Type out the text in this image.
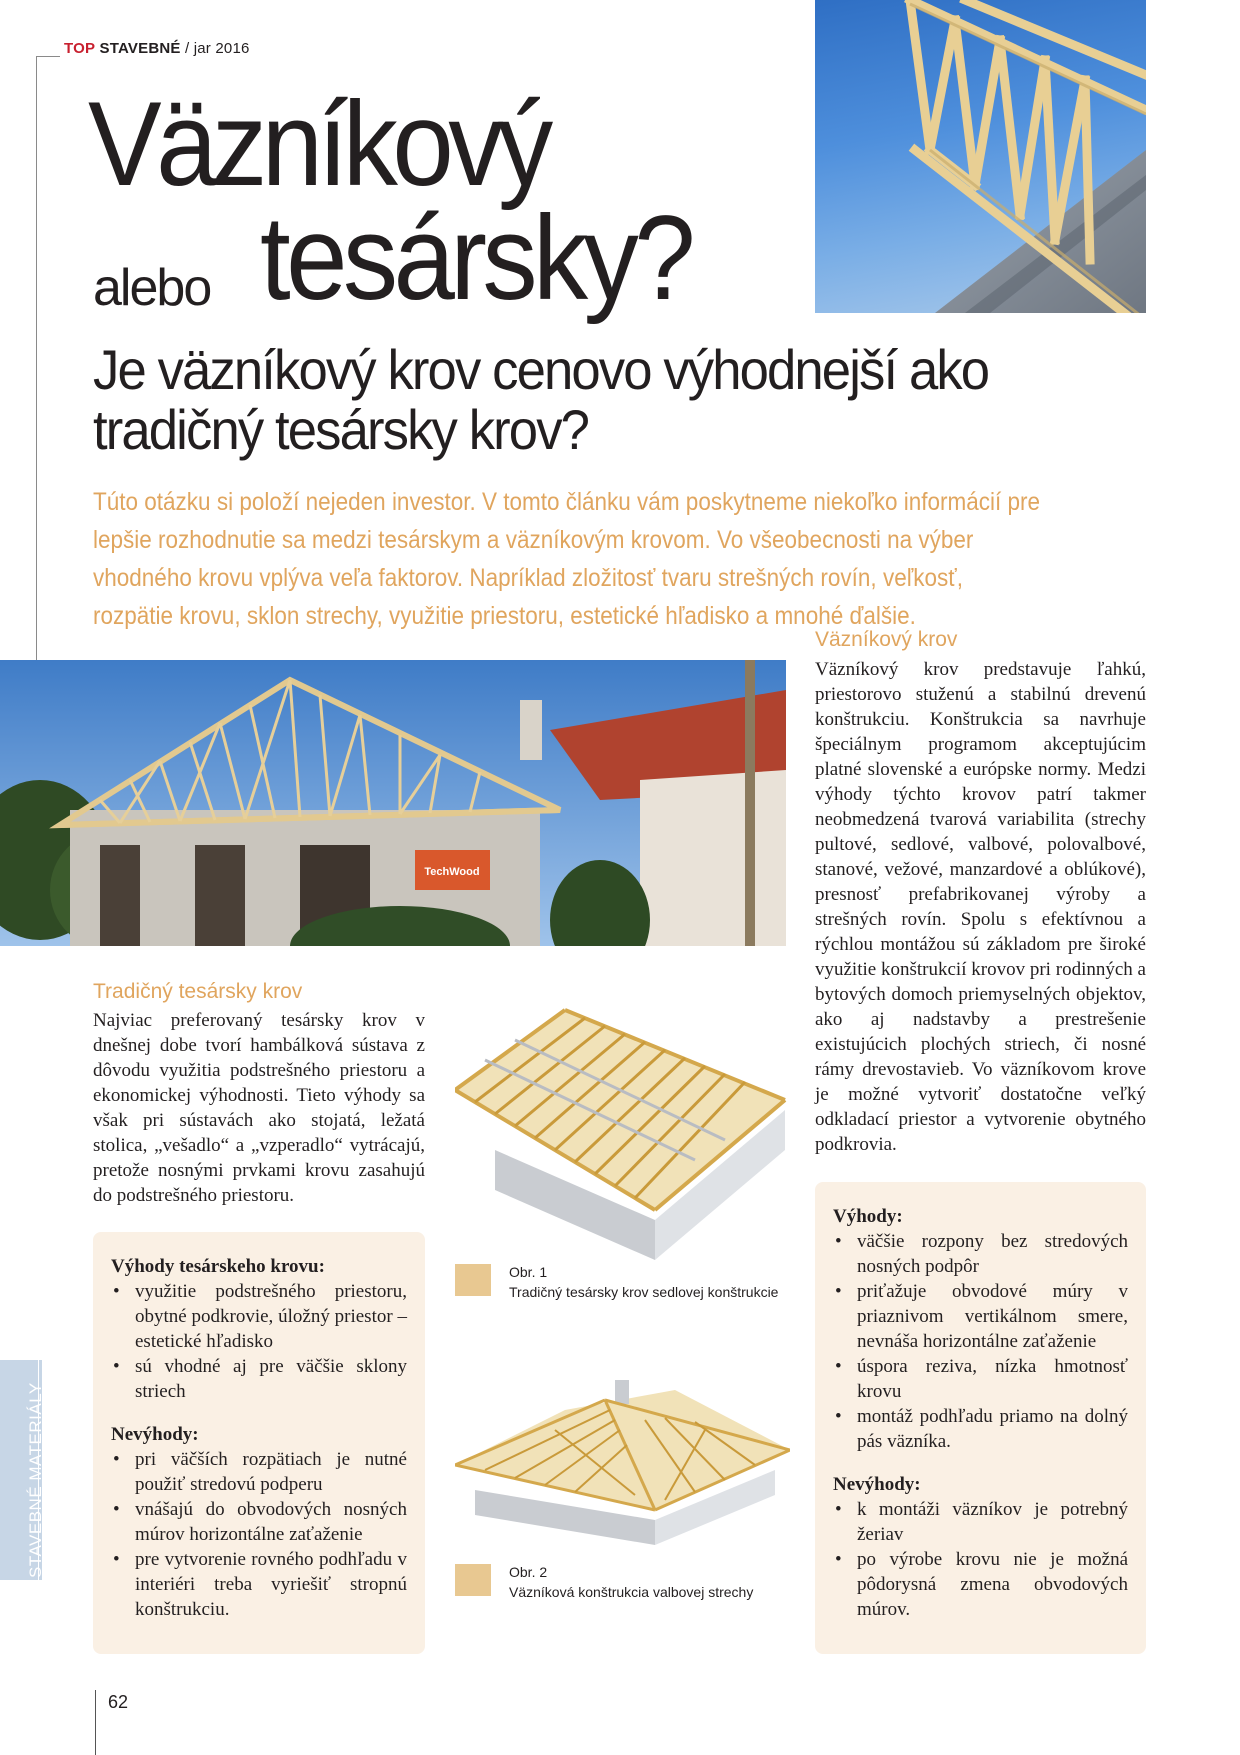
TOP STAVEBNÉ / jar 2016
Väzníkový
alebo tesársky?
Je väzníkový krov cenovo výhodnejší ako tradičný tesársky krov?
Túto otázku si položí nejeden investor. V tomto článku vám poskytneme niekoľko informácií pre lepšie rozhodnutie sa medzi tesárskym a väzníkovým krovom. Vo všeobecnosti na výber vhodného krovu vplýva veľa faktorov. Napríklad zložitosť tvaru strešných rovín, veľkosť, rozpätie krovu, sklon strechy, využitie priestoru, estetické hľadisko a mnohé ďalšie.
TechWood
Väzníkový krov
Väzníkový krov predstavuje ľahkú, priestorovo stuženú a stabilnú drevenú konštrukciu. Konštrukcia sa navrhuje špeciálnym programom akceptujúcim platné slovenské a európske normy. Medzi výhody týchto krovov patrí takmer neobmedzená tvarová variabilita (strechy pultové, sedlové, valbové, polovalbové, stanové, vežové, manzardové a oblúkové), presnosť prefabrikovanej výroby a strešných rovín. Spolu s efektívnou a rýchlou montážou sú základom pre široké využitie konštrukcií krovov pri rodinných a bytových domoch priemyselných objektov, ako aj nadstavby a prestrešenie existujúcich plochých striech, či nosné rámy drevostavieb. Vo väzníkovom krove je možné vytvoriť dostatočne veľký odkladací priestor a vytvorenie obytného podkrovia.
Tradičný tesársky krov
Najviac preferovaný tesársky krov v dnešnej dobe tvorí hambálková sústava z dôvodu využitia podstrešného priestoru a ekonomickej výhodnosti. Tieto výhody sa však pri sústavách ako stojatá, ležatá stolica, „vešadlo“ a „vzperadlo“ vytrácajú, pretože nosnými prvkami krovu zasahujú do podstrešného priestoru.
Výhody tesárskeho krovu:
• využitie podstrešného priestoru, obytné podkrovie, úložný priestor – estetické hľadisko
• sú vhodné aj pre väčšie sklony striech
Nevýhody:
• pri väčších rozpätiach je nutné použiť stredovú podperu
• vnášajú do obvodových nosných múrov horizontálne zaťaženie
• pre vytvorenie rovného podhľadu v interiéri treba vyriešiť stropnú konštrukciu.
Výhody:
• väčšie rozpony bez stredových nosných podpôr
• priťažuje obvodové múry v priaznivom vertikálnom smere, nevnáša horizontálne zaťaženie
• úspora reziva, nízka hmotnosť krovu
• montáž podhľadu priamo na dolný pás väzníka.
Nevýhody:
• k montáži väzníkov je potrebný žeriav
• po výrobe krovu nie je možná pôdorysná zmena obvodových múrov.
Obr. 1
Tradičný tesársky krov sedlovej konštrukcie
Obr. 2
Väzníková konštrukcia valbovej strechy
STAVEBNÉ MATERIÁLY
62
